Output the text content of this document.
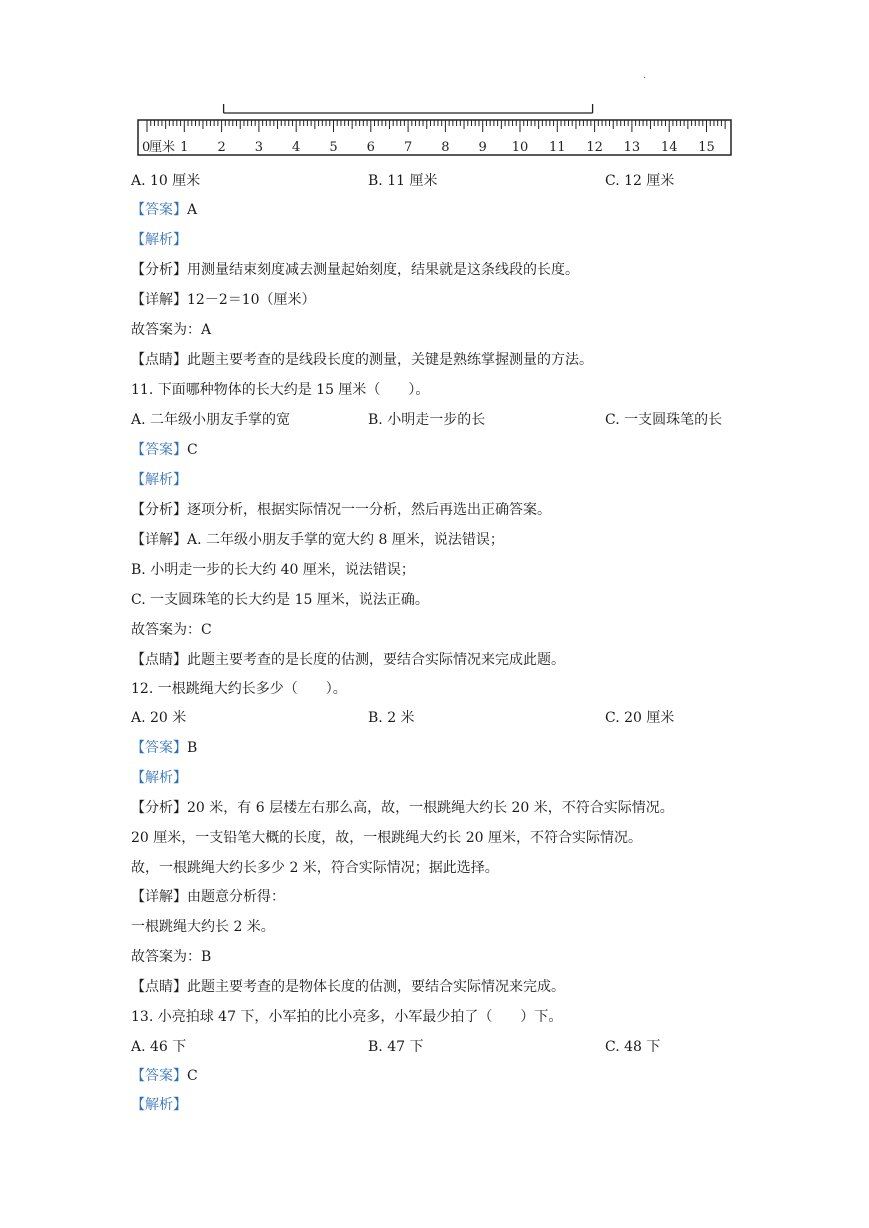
.
0
厘米 1 2 3 4 5 6 7 8 9 10 11 12 13 14 15
A. 10 厘米	B. 11 厘米	C. 12 厘米
【答案】A
【解析】
【分析】用测量结束刻度减去测量起始刻度，结果就是这条线段的长度。
【详解】12－2＝10（厘米）
故答案为：A
【点睛】此题主要考查的是线段长度的测量，关键是熟练掌握测量的方法。
11. 下面哪种物体的长大约是 15 厘米（　　）。
A. 二年级小朋友手掌的宽	B. 小明走一步的长	C. 一支圆珠笔的长
【答案】C
【解析】
【分析】逐项分析，根据实际情况一一分析，然后再选出正确答案。
【详解】A. 二年级小朋友手掌的宽大约 8 厘米，说法错误；
B. 小明走一步的长大约 40 厘米，说法错误；
C. 一支圆珠笔的长大约是 15 厘米，说法正确。
故答案为：C
【点睛】此题主要考查的是长度的估测，要结合实际情况来完成此题。
12. 一根跳绳大约长多少（　　）。
A. 20 米	B. 2 米	C. 20 厘米
【答案】B
【解析】
【分析】20 米，有 6 层楼左右那么高，故，一根跳绳大约长 20 米，不符合实际情况。
20 厘米，一支铅笔大概的长度，故，一根跳绳大约长 20 厘米，不符合实际情况。
故，一根跳绳大约长多少 2 米，符合实际情况；据此选择。
【详解】由题意分析得：
一根跳绳大约长 2 米。
故答案为：B
【点睛】此题主要考查的是物体长度的估测，要结合实际情况来完成。
13. 小亮拍球 47 下，小军拍的比小亮多，小军最少拍了（　　）下。
A. 46 下	B. 47 下	C. 48 下
【答案】C
【解析】
